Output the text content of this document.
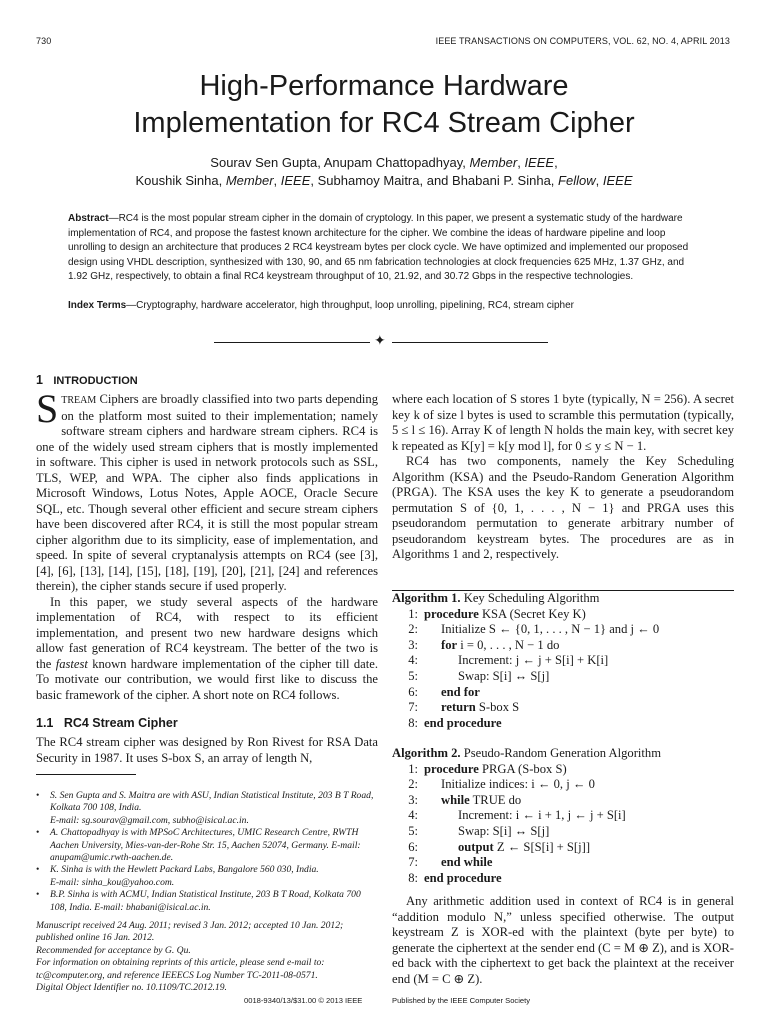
730	IEEE TRANSACTIONS ON COMPUTERS, VOL. 62, NO. 4, APRIL 2013
High-Performance Hardware
Implementation for RC4 Stream Cipher
Sourav Sen Gupta, Anupam Chattopadhyay, Member, IEEE,
Koushik Sinha, Member, IEEE, Subhamoy Maitra, and Bhabani P. Sinha, Fellow, IEEE
Abstract—RC4 is the most popular stream cipher in the domain of cryptology. In this paper, we present a systematic study of the hardware implementation of RC4, and propose the fastest known architecture for the cipher. We combine the ideas of hardware pipeline and loop unrolling to design an architecture that produces 2 RC4 keystream bytes per clock cycle. We have optimized and implemented our proposed design using VHDL description, synthesized with 130, 90, and 65 nm fabrication technologies at clock frequencies 625 MHz, 1.37 GHz, and 1.92 GHz, respectively, to obtain a final RC4 keystream throughput of 10, 21.92, and 30.72 Gbps in the respective technologies.
Index Terms—Cryptography, hardware accelerator, high throughput, loop unrolling, pipelining, RC4, stream cipher
✦
1 INTRODUCTION
STREAM Ciphers are broadly classified into two parts depending on the platform most suited to their implementation; namely software stream ciphers and hardware stream ciphers. RC4 is one of the widely used stream ciphers that is mostly implemented in software. This cipher is used in network protocols such as SSL, TLS, WEP, and WPA. The cipher also finds applications in Microsoft Windows, Lotus Notes, Apple AOCE, Oracle Secure SQL, etc. Though several other efficient and secure stream ciphers have been discovered after RC4, it is still the most popular stream cipher algorithm due to its simplicity, ease of implementation, and speed. In spite of several cryptanalysis attempts on RC4 (see [3], [4], [6], [13], [14], [15], [18], [19], [20], [21], [24] and references therein), the cipher stands secure if used properly.
In this paper, we study several aspects of the hardware implementation of RC4, with respect to its efficient implementation, and present two new hardware designs which allow fast generation of RC4 keystream. The better of the two is the fastest known hardware implementation of the cipher till date. To motivate our contribution, we would first like to discuss the basic framework of the cipher. A short note on RC4 follows.
1.1 RC4 Stream Cipher
The RC4 stream cipher was designed by Ron Rivest for RSA Data Security in 1987. It uses S-box S, an array of length N,
• S. Sen Gupta and S. Maitra are with ASU, Indian Statistical Institute, 203 B T Road, Kolkata 700 108, India.
E-mail: sg.sourav@gmail.com, subho@isical.ac.in.
• A. Chattopadhyay is with MPSoC Architectures, UMIC Research Centre, RWTH Aachen University, Mies-van-der-Rohe Str. 15, Aachen 52074, Germany. E-mail: anupam@umic.rwth-aachen.de.
• K. Sinha is with the Hewlett Packard Labs, Bangalore 560 030, India.
E-mail: sinha_kou@yahoo.com.
• B.P. Sinha is with ACMU, Indian Statistical Institute, 203 B T Road, Kolkata 700 108, India. E-mail: bhabani@isical.ac.in.
Manuscript received 24 Aug. 2011; revised 3 Jan. 2012; accepted 10 Jan. 2012; published online 16 Jan. 2012.
Recommended for acceptance by G. Qu.
For information on obtaining reprints of this article, please send e-mail to: tc@computer.org, and reference IEEECS Log Number TC-2011-08-0571.
Digital Object Identifier no. 10.1109/TC.2012.19.
where each location of S stores 1 byte (typically, N = 256). A secret key k of size l bytes is used to scramble this permutation (typically, 5 ≤ l ≤ 16). Array K of length N holds the main key, with secret key k repeated as K[y] = k[y mod l], for 0 ≤ y ≤ N − 1.
RC4 has two components, namely the Key Scheduling Algorithm (KSA) and the Pseudo-Random Generation Algorithm (PRGA). The KSA uses the key K to generate a pseudorandom permutation S of {0, 1, . . . , N − 1} and PRGA uses this pseudorandom permutation to generate arbitrary number of pseudorandom keystream bytes. The procedures are as in Algorithms 1 and 2, respectively.
Algorithm 1. Key Scheduling Algorithm
1: procedure KSA (Secret Key K)
2: Initialize S ← {0, 1, . . . , N − 1} and j ← 0
3: for i = 0, . . . , N − 1 do
4:	Increment: j ← j + S[i] + K[i]
5:	Swap: S[i] ↔ S[j]
6: end for
7: return S-box S
8: end procedure
Algorithm 2. Pseudo-Random Generation Algorithm
1: procedure PRGA (S-box S)
2: Initialize indices: i ← 0, j ← 0
3: while TRUE do
4:	Increment: i ← i + 1, j ← j + S[i]
5:	Swap: S[i] ↔ S[j]
6:	output Z ← S[S[i] + S[j]]
7: end while
8: end procedure
Any arithmetic addition used in context of RC4 is in general “addition modulo N,” unless specified otherwise. The output keystream Z is XOR-ed with the plaintext (byte per byte) to generate the ciphertext at the sender end (C = M ⊕ Z), and is XOR-ed back with the ciphertext to get back the plaintext at the receiver end (M = C ⊕ Z).
0018-9340/13/$31.00 © 2013 IEEE	Published by the IEEE Computer Society
